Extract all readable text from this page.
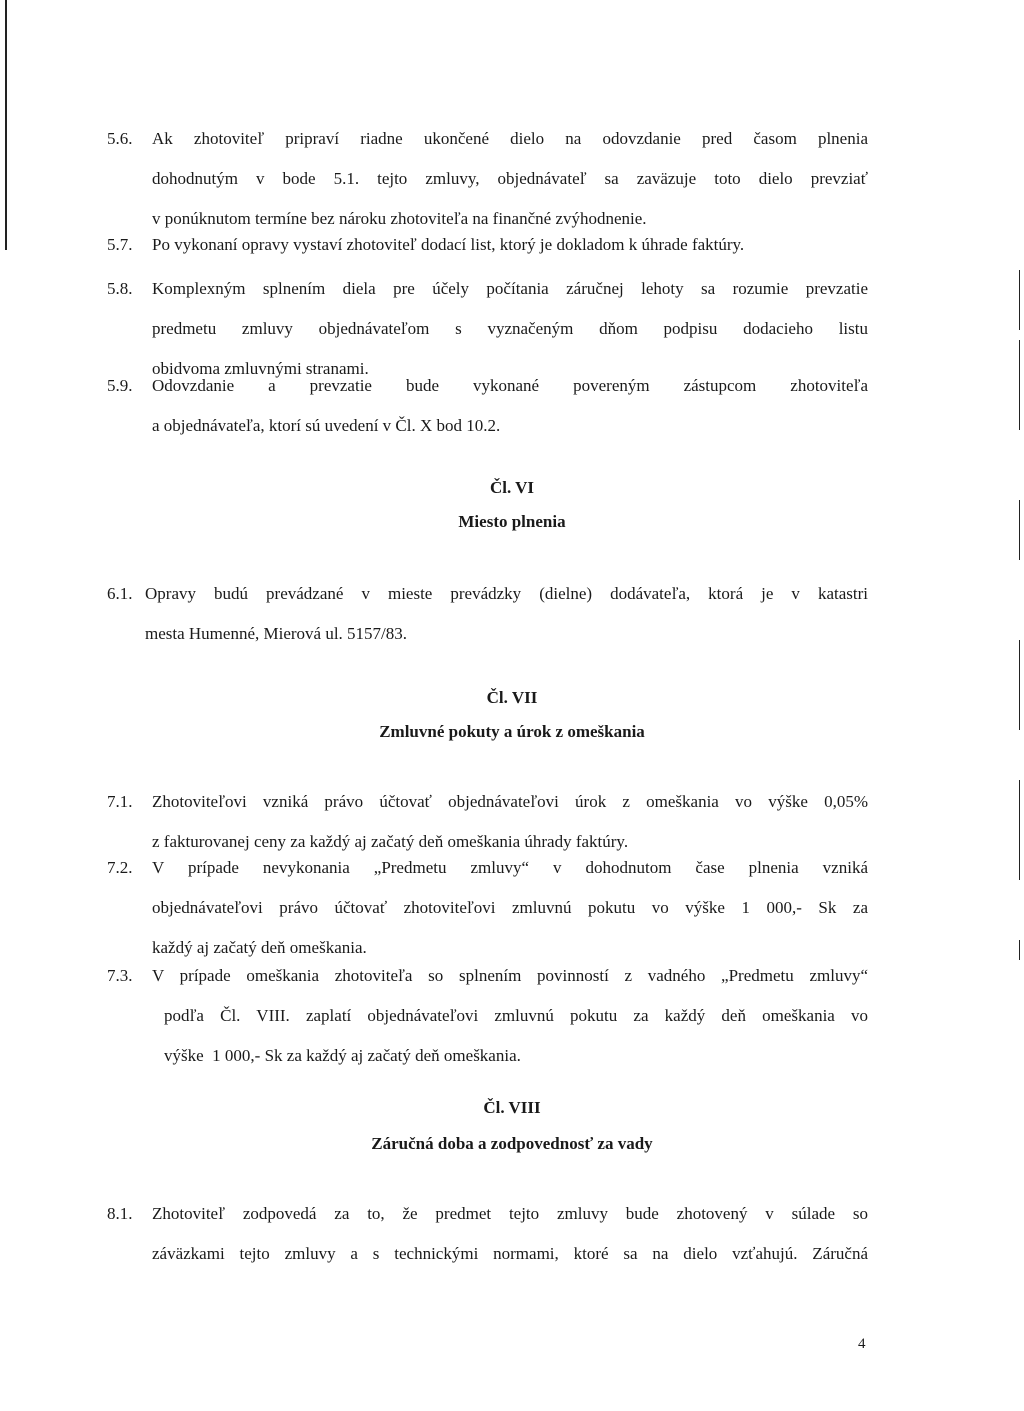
5.6. Ak zhotoviteľ pripraví riadne ukončené dielo na odovzdanie pred časom plnenia
dohodnutým v bode 5.1. tejto zmluvy, objednávateľ sa zaväzuje toto dielo prevziať
v ponúknutom termíne bez nároku zhotoviteľa na finančné zvýhodnenie.
5.7. Po vykonaní opravy vystaví zhotoviteľ dodací list, ktorý je dokladom k úhrade faktúry.
5.8. Komplexným splnením diela pre účely počítania záručnej lehoty sa rozumie prevzatie
predmetu zmluvy objednávateľom s vyznačeným dňom podpisu dodacieho listu
obidvoma zmluvnými stranami.
5.9. Odovzdanie a prevzatie bude vykonané povereným zástupcom zhotoviteľa
a objednávateľa, ktorí sú uvedení v Čl. X bod 10.2.
Čl. VI
Miesto plnenia
6.1. Opravy budú prevádzané v mieste prevádzky (dielne) dodávateľa, ktorá je v katastri
mesta Humenné, Mierová ul. 5157/83.
Čl. VII
Zmluvné pokuty a úrok z omeškania
7.1. Zhotoviteľovi vzniká právo účtovať objednávateľovi úrok z omeškania vo výške 0,05%
z fakturovanej ceny za každý aj začatý deň omeškania úhrady faktúry.
7.2. V prípade nevykonania „Predmetu zmluvy“ v dohodnutom čase plnenia vzniká
objednávateľovi právo účtovať zhotoviteľovi zmluvnú pokutu vo výške 1 000,- Sk za
každý aj začatý deň omeškania.
7.3. V prípade omeškania zhotoviteľa so splnením povinností z vadného „Predmetu zmluvy“
podľa Čl. VIII. zaplatí objednávateľovi zmluvnú pokutu za každý deň omeškania vo
výške  1 000,- Sk za každý aj začatý deň omeškania.
Čl. VIII
Záručná doba a zodpovednosť za vady
8.1. Zhotoviteľ zodpovedá za to, že predmet tejto zmluvy bude zhotovený v súlade so
záväzkami tejto zmluvy a s technickými normami, ktoré sa na dielo vzťahujú. Záručná
4
